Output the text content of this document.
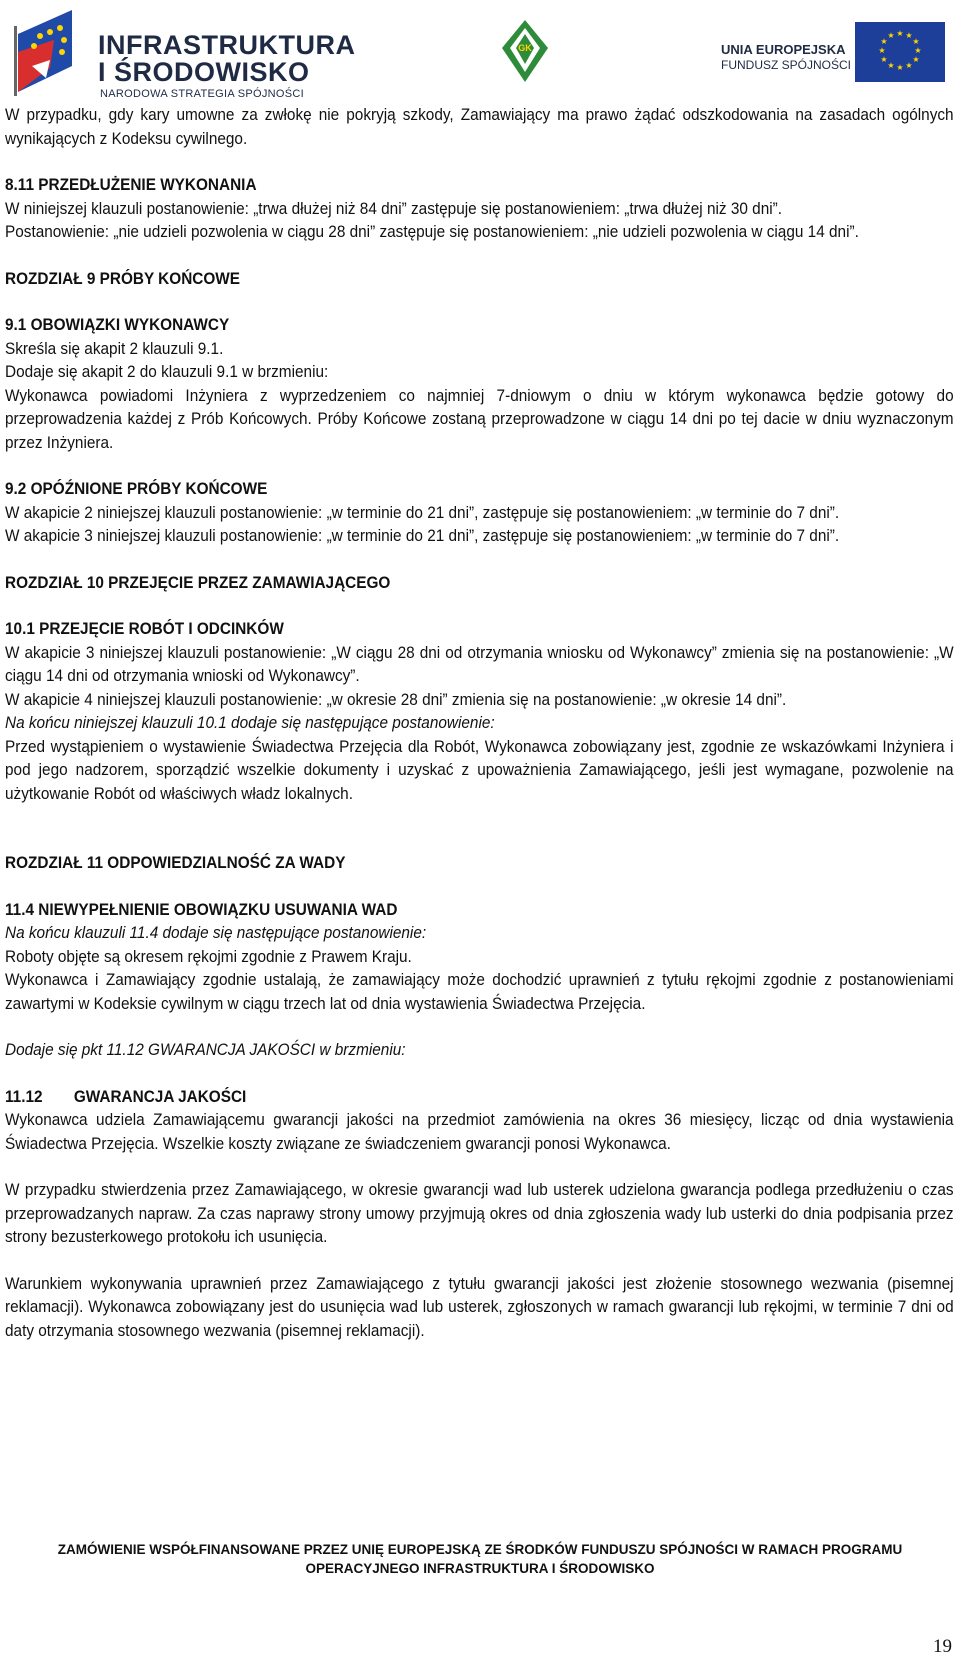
INFRASTRUKTURA
I ŚRODOWISKO
NARODOWA STRATEGIA SPÓJNOŚCI
GK	UNIA EUROPEJSKA
FUNDUSZ SPÓJNOŚCI
★ ★
★
★
★
★
★
★
★
★
★
★

W przypadku, gdy kary umowne za zwłokę nie pokryją szkody, Zamawiający ma prawo żądać odszkodowania na zasadach ogólnych wynikających z Kodeksu cywilnego.

8.11 PRZEDŁUŻENIE WYKONANIA

W niniejszej klauzuli postanowienie: „trwa dłużej niż 84 dni” zastępuje się postanowieniem: „trwa dłużej niż 30 dni”.

Postanowienie: „nie udzieli pozwolenia w ciągu 28 dni” zastępuje się postanowieniem: „nie udzieli pozwolenia w ciągu 14 dni”.

ROZDZIAŁ 9 PRÓBY KOŃCOWE

9.1 OBOWIĄZKI WYKONAWCY

Skreśla się akapit 2 klauzuli 9.1.

Dodaje się akapit 2 do klauzuli 9.1 w brzmieniu:

Wykonawca powiadomi Inżyniera z wyprzedzeniem co najmniej 7-dniowym o dniu w którym wykonawca będzie gotowy do przeprowadzenia każdej z Prób Końcowych. Próby Końcowe zostaną przeprowadzone w ciągu 14 dni po tej dacie w dniu wyznaczonym przez Inżyniera.

9.2 OPÓŹNIONE PRÓBY KOŃCOWE

W akapicie 2 niniejszej klauzuli postanowienie: „w terminie do 21 dni”, zastępuje się postanowieniem: „w terminie do 7 dni”.

W akapicie 3 niniejszej klauzuli postanowienie: „w terminie do 21 dni”, zastępuje się postanowieniem: „w terminie do 7 dni”.

ROZDZIAŁ 10 PRZEJĘCIE PRZEZ ZAMAWIAJĄCEGO

10.1 PRZEJĘCIE ROBÓT I ODCINKÓW

W akapicie 3 niniejszej klauzuli postanowienie: „W ciągu 28 dni od otrzymania wniosku od Wykonawcy” zmienia się na postanowienie: „W ciągu 14 dni od otrzymania wnioski od Wykonawcy”.

W akapicie 4 niniejszej klauzuli postanowienie: „w okresie 28 dni” zmienia się na postanowienie: „w okresie 14 dni”.

Na końcu niniejszej klauzuli 10.1 dodaje się następujące postanowienie:

Przed wystąpieniem o wystawienie Świadectwa Przejęcia dla Robót, Wykonawca zobowiązany jest, zgodnie ze wskazówkami Inżyniera i pod jego nadzorem, sporządzić wszelkie dokumenty i uzyskać z upoważnienia Zamawiającego, jeśli jest wymagane, pozwolenie na użytkowanie Robót od właściwych władz lokalnych.

ROZDZIAŁ 11 ODPOWIEDZIALNOŚĆ ZA WADY

11.4 NIEWYPEŁNIENIE OBOWIĄZKU USUWANIA WAD

Na końcu klauzuli 11.4 dodaje się następujące postanowienie:

Roboty objęte są okresem rękojmi zgodnie z Prawem Kraju.

Wykonawca i Zamawiający zgodnie ustalają, że zamawiający może dochodzić uprawnień z tytułu rękojmi zgodnie z postanowieniami zawartymi w Kodeksie cywilnym w ciągu trzech lat od dnia wystawienia Świadectwa Przejęcia.

Dodaje się pkt 11.12 GWARANCJA JAKOŚCI w brzmieniu:

11.12 GWARANCJA JAKOŚCI

Wykonawca udziela Zamawiającemu gwarancji jakości na przedmiot zamówienia na okres 36 miesięcy, licząc od dnia wystawienia Świadectwa Przejęcia. Wszelkie koszty związane ze świadczeniem gwarancji ponosi Wykonawca.

W przypadku stwierdzenia przez Zamawiającego, w okresie gwarancji wad lub usterek udzielona gwarancja podlega przedłużeniu o czas przeprowadzanych napraw. Za czas naprawy strony umowy przyjmują okres od dnia zgłoszenia wady lub usterki do dnia podpisania przez strony bezusterkowego protokołu ich usunięcia.

Warunkiem wykonywania uprawnień przez Zamawiającego z tytułu gwarancji jakości jest złożenie stosownego wezwania (pisemnej reklamacji). Wykonawca zobowiązany jest do usunięcia wad lub usterek, zgłoszonych w ramach gwarancji lub rękojmi, w terminie 7 dni od daty otrzymania stosownego wezwania (pisemnej reklamacji).

ZAMÓWIENIE WSPÓŁFINANSOWANE PRZEZ UNIĘ EUROPEJSKĄ ZE ŚRODKÓW FUNDUSZU SPÓJNOŚCI W RAMACH PROGRAMU
OPERACYJNEGO INFRASTRUKTURA I ŚRODOWISKO
19
